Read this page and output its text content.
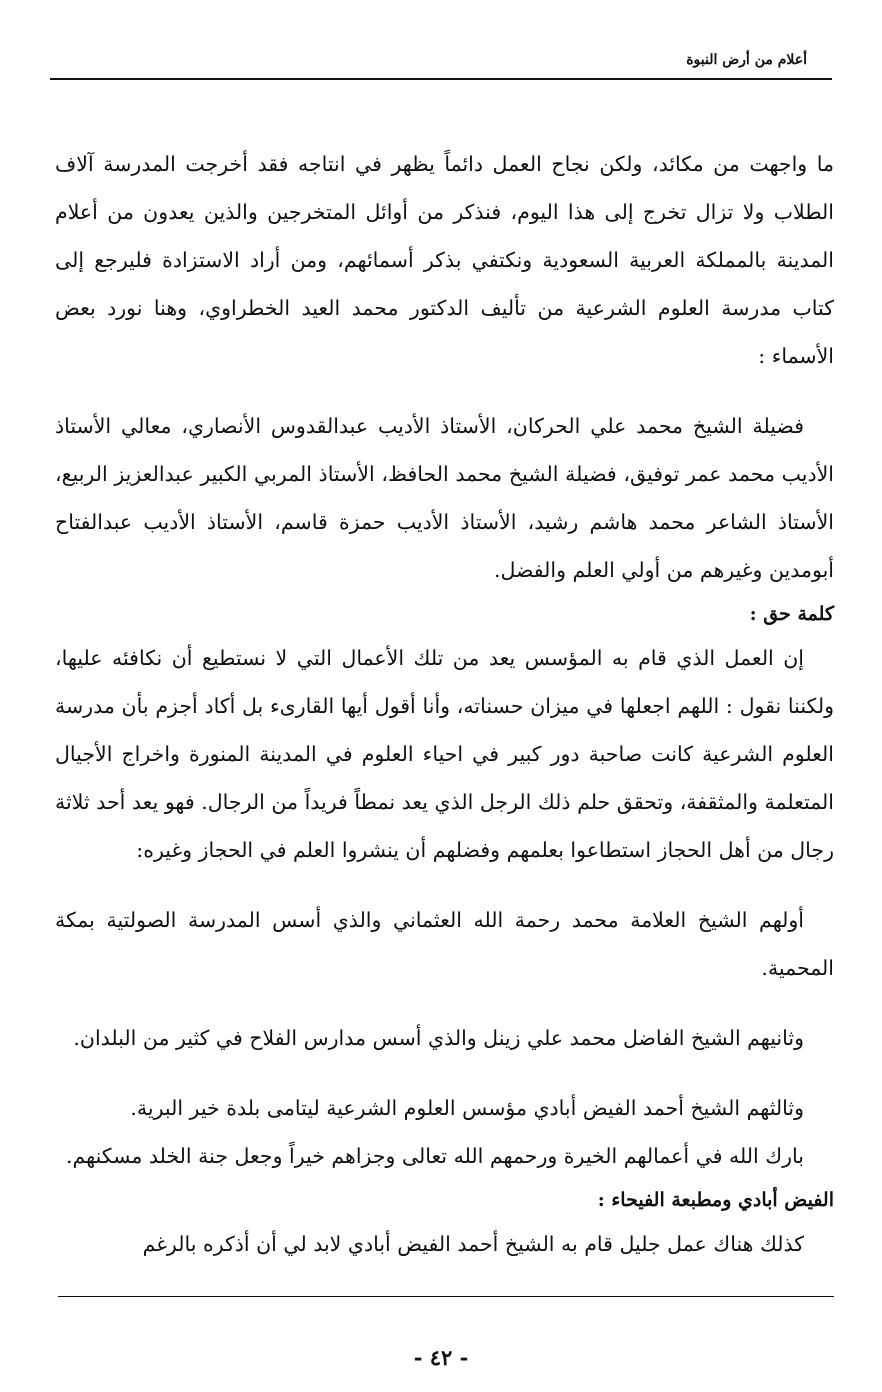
أعلام من أرض النبوة

ما واجهت من مكائد، ولكن نجاح العمل دائماً يظهر في انتاجه فقد أخرجت المدرسة آلاف الطلاب ولا تزال تخرج إلى هذا اليوم، فنذكر من أوائل المتخرجين والذين يعدون من أعلام المدينة بالمملكة العربية السعودية ونكتفي بذكر أسمائهم، ومن أراد الاستزادة فليرجع إلى كتاب مدرسة العلوم الشرعية من تأليف الدكتور محمد العيد الخطراوي، وهنا نورد بعض الأسماء :

فضيلة الشيخ محمد علي الحركان، الأستاذ الأديب عبدالقدوس الأنصاري، معالي الأستاذ الأديب محمد عمر توفيق، فضيلة الشيخ محمد الحافظ، الأستاذ المربي الكبير عبدالعزيز الربيع، الأستاذ الشاعر محمد هاشم رشيد، الأستاذ الأديب حمزة قاسم، الأستاذ الأديب عبدالفتاح أبومدين وغيرهم من أولي العلم والفضل.

كلمة حق :

إن العمل الذي قام به المؤسس يعد من تلك الأعمال التي لا نستطيع أن نكافئه عليها، ولكننا نقول : اللهم اجعلها في ميزان حسناته، وأنا أقول أيها القارىء بل أكاد أجزم بأن مدرسة العلوم الشرعية كانت صاحبة دور كبير في احياء العلوم في المدينة المنورة واخراج الأجيال المتعلمة والمثقفة، وتحقق حلم ذلك الرجل الذي يعد نمطاً فريداً من الرجال. فهو يعد أحد ثلاثة رجال من أهل الحجاز استطاعوا بعلمهم وفضلهم أن ينشروا العلم في الحجاز وغيره:

أولهم الشيخ العلامة محمد رحمة الله العثماني والذي أسس المدرسة الصولتية بمكة المحمية.

وثانيهم الشيخ الفاضل محمد علي زينل والذي أسس مدارس الفلاح في كثير من البلدان.

وثالثهم الشيخ أحمد الفيض أبادي مؤسس العلوم الشرعية ليتامى بلدة خير البرية.

بارك الله في أعمالهم الخيرة ورحمهم الله تعالى وجزاهم خيراً وجعل جنة الخلد مسكنهم.

الفيض أبادي ومطبعة الفيحاء :

كذلك هناك عمل جليل قام به الشيخ أحمد الفيض أبادي لابد لي أن أذكره بالرغم

- ٤٢ -
